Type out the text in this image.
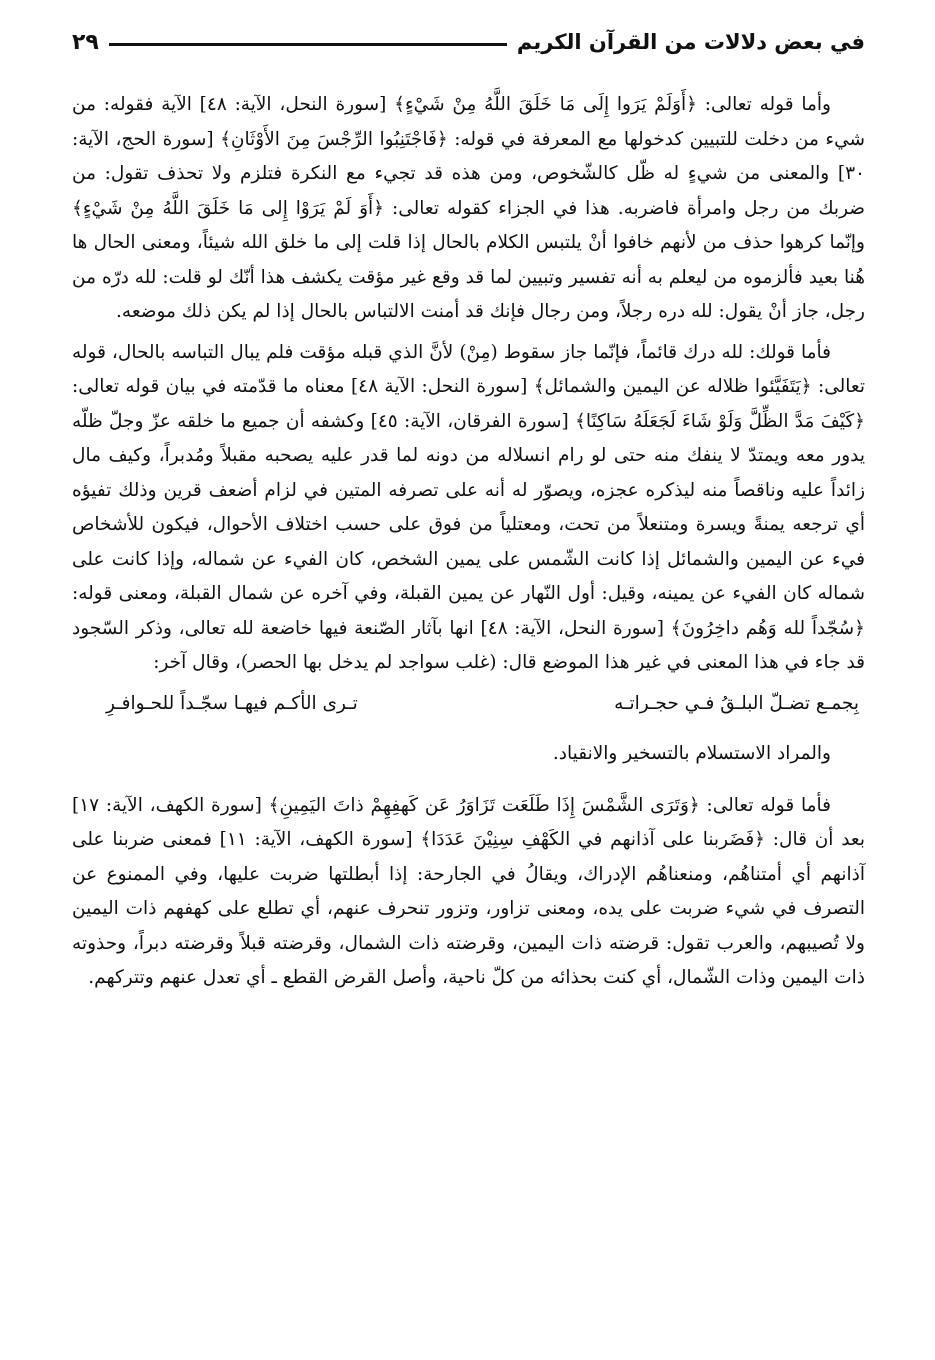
في بعض دلالات من القرآن الكريم
٢٩

وأما قوله تعالى: ﴿أَوَلَمْ يَرَوا إِلَى مَا خَلَقَ اللَّهُ مِنْ شَيْءٍ﴾ [سورة النحل، الآية: ٤٨] الآية فقوله: من شيء من دخلت للتبيين كدخولها مع المعرفة في قوله: ﴿فَاجْتَنِبُوا الرِّجْسَ مِنَ الأَوْثَانِ﴾ [سورة الحج، الآية: ٣٠] والمعنى من شيءٍ له ظّل كالشّخوص، ومن هذه قد تجيء مع النكرة فتلزم ولا تحذف تقول: من ضربك من رجل وامرأة فاضربه. هذا في الجزاء كقوله تعالى: ﴿أَوَ لَمْ يَرَوْا إِلى مَا خَلَقَ اللَّهُ مِنْ شَيْءٍ﴾ وإنّما كرهوا حذف من لأنهم خافوا أنْ يلتبس الكلام بالحال إذا قلت إلى ما خلق الله شيئاً، ومعنى الحال ها هُنا بعيد فألزموه من ليعلم به أنه تفسير وتبيين لما قد وقع غير مؤقت يكشف هذا أنّك لو قلت: لله درّه من رجل، جاز أنْ يقول: لله دره رجلاً، ومن رجال فإنك قد أمنت الالتباس بالحال إذا لم يكن ذلك موضعه.

فأما قولك: لله درك قائماً، فإنّما جاز سقوط (مِنْ) لأنَّ الذي قبله مؤقت فلم يبال التباسه بالحال، قوله تعالى: ﴿يَتَفَيَّئوا ظلاله عن اليمين والشمائل﴾ [سورة النحل: الآية ٤٨] معناه ما قدّمته في بيان قوله تعالى: ﴿كَيْفَ مَدَّ الظِّلَّ وَلَوْ شَاءَ لَجَعَلَهُ سَاكِنًا﴾ [سورة الفرقان، الآية: ٤٥] وكشفه أن جميع ما خلقه عزّ وجلّ ظلّه يدور معه ويمتدّ لا ينفك منه حتى لو رام انسلاله من دونه لما قدر عليه يصحبه مقبلاً ومُدبراً، وكيف مال زائداً عليه وناقصاً منه ليذكره عجزه، ويصوّر له أنه على تصرفه المتين في لزام أضعف قرين وذلك تفيؤه أي ترجعه يمنةً ويسرة ومتنعلاً من تحت، ومعتلياً من فوق على حسب اختلاف الأحوال، فيكون للأشخاص فيء عن اليمين والشمائل إذا كانت الشّمس على يمين الشخص، كان الفيء عن شماله، وإذا كانت على شماله كان الفيء عن يمينه، وقيل: أول النّهار عن يمين القبلة، وفي آخره عن شمال القبلة، ومعنى قوله: ﴿سُجّداً لله وَهُم داخِرُونَ﴾ [سورة النحل، الآية: ٤٨] انها بآثار الصّنعة فيها خاضعة لله تعالى، وذكر السّجود قد جاء في هذا المعنى في غير هذا الموضع قال: (غلب سواجد لم يدخل بها الحصر)، وقال آخر:

بِجمـع تضـلّ البلـقُ فـي حجـراتـه
تـرى الأكـم فيهـا سجّـداً للحـوافـرِ

والمراد الاستسلام بالتسخير والانقياد.

فأما قوله تعالى: ﴿وَتَرَى الشَّمْسَ إِذَا طَلَعَت تَزَاوَرُ عَن كَهفِهِمْ ذاتَ اليَمِينِ﴾ [سورة الكهف، الآية: ١٧] بعد أن قال: ﴿فَضَربنا على آذانهم في الكَهْفِ سِنِيْنَ عَدَدَا﴾ [سورة الكهف، الآية: ١١] فمعنى ضربنا على آذانهم أي أمتناهُم، ومنعناهُم الإدراك، ويقالُ في الجارحة: إذا أبطلتها ضربت عليها، وفي الممنوع عن التصرف في شيء ضربت على يده، ومعنى تزاور، وتزور تنحرف عنهم، أي تطلع على كهفهم ذات اليمين ولا تُصيبهم، والعرب تقول: قرضته ذات اليمين، وقرضته ذات الشمال، وقرضته قبلاً وقرضته دبراً، وحذوته ذات اليمين وذات الشّمال، أي كنت بحذائه من كلّ ناحية، وأصل القرض القطع ـ أي تعدل عنهم وتتركهم.
